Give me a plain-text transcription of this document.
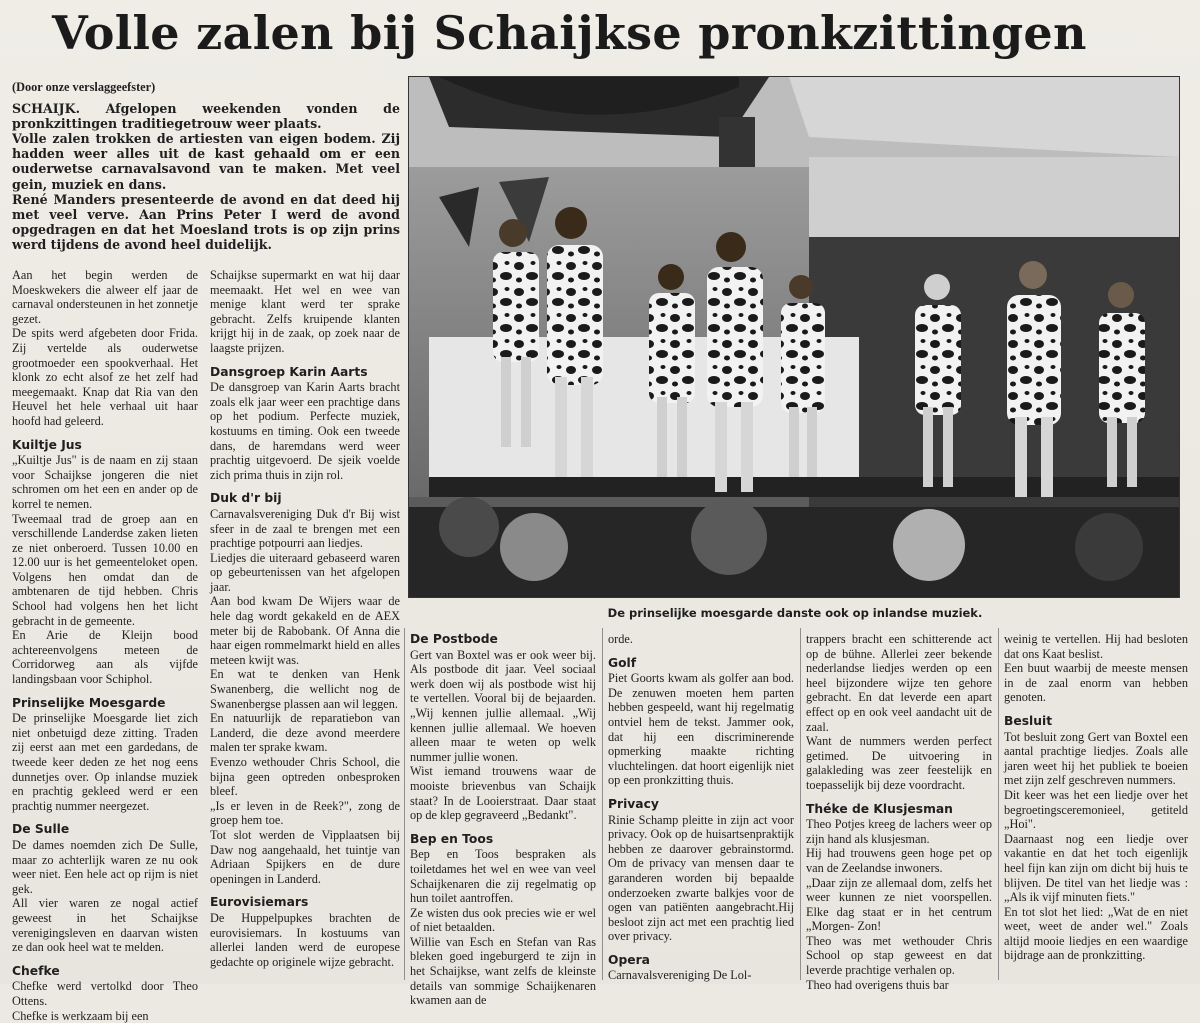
Volle zalen bij Schaijkse pronkzittingen
(Door onze verslaggeefster)

SCHAIJK. Afgelopen weekenden vonden de pronkzittingen traditiegetrouw weer plaats.

Volle zalen trokken de artiesten van eigen bodem. Zij hadden weer alles uit de kast gehaald om er een ouderwetse carnavalsavond van te maken. Met veel gein, muziek en dans.

René Manders presenteerde de avond en dat deed hij met veel verve. Aan Prins Peter I werd de avond opgedragen en dat het Moesland trots is op zijn prins werd tijdens de avond heel duidelijk.

Aan het begin werden de Moeskwekers die alweer elf jaar de carnaval ondersteunen in het zonnetje gezet.

De spits werd afgebeten door Frida. Zij vertelde als ouderwetse grootmoeder een spookverhaal. Het klonk zo echt alsof ze het zelf had meegemaakt. Knap dat Ria van den Heuvel het hele verhaal uit haar hoofd had geleerd.

Kuiltje Jus

„Kuiltje Jus" is de naam en zij staan voor Schaijkse jongeren die niet schromen om het een en ander op de korrel te nemen.

Tweemaal trad de groep aan en verschillende Landerdse zaken lieten ze niet onberoerd. Tussen 10.00 en 12.00 uur is het gemeenteloket open. Volgens hen omdat dan de ambtenaren de tijd hebben. Chris School had volgens hen het licht gebracht in de gemeente.

En Arie de Kleijn bood achtereenvolgens meteen de Corridorweg aan als vijfde landingsbaan voor Schiphol.

Prinselijke Moesgarde

De prinselijke Moesgarde liet zich niet onbetuigd deze zitting. Traden zij eerst aan met een gardedans, de tweede keer deden ze het nog eens dunnetjes over. Op inlandse muziek en prachtig gekleed werd er een prachtig nummer neergezet.

De Sulle

De dames noemden zich De Sulle, maar zo achterlijk waren ze nu ook weer niet. Een hele act op rijm is niet gek.

All vier waren ze nogal actief geweest in het Schaijkse verenigingsleven en daarvan wisten ze dan ook heel wat te melden.

Chefke

Chefke werd vertolkd door Theo Ottens.

Chefke is werkzaam bij een

Schaijkse supermarkt en wat hij daar meemaakt. Het wel en wee van menige klant werd ter sprake gebracht. Zelfs kruipende klanten krijgt hij in de zaak, op zoek naar de laagste prijzen.

Dansgroep Karin Aarts

De dansgroep van Karin Aarts bracht zoals elk jaar weer een prachtige dans op het podium. Perfecte muziek, kostuums en timing. Ook een tweede dans, de haremdans werd weer prachtig uitgevoerd. De sjeik voelde zich prima thuis in zijn rol.

Duk d'r bij

Carnavalsvereniging Duk d'r Bij wist sfeer in de zaal te brengen met een prachtige potpourri aan liedjes.

Liedjes die uiteraard gebaseerd waren op gebeurtenissen van het afgelopen jaar.

Aan bod kwam De Wijers waar de hele dag wordt gekakeld en de AEX meter bij de Rabobank. Of Anna die haar eigen rommelmarkt hield en alles meteen kwijt was.

En wat te denken van Henk Swanenberg, die wellicht nog de Swanenbergse plassen aan wil leggen.

En natuurlijk de reparatiebon van Landerd, die deze avond meerdere malen ter sprake kwam.

Evenzo wethouder Chris School, die bijna geen optreden onbesproken bleef.

„Is er leven in de Reek?", zong de groep hem toe.

Tot slot werden de Vipplaatsen bij Daw nog aangehaald, het tuintje van Adriaan Spijkers en de dure openingen in Landerd.

Eurovisiemars

De Huppelpupkes brachten de eurovisiemars. In kostuums van allerlei landen werd de europese gedachte op originele wijze gebracht.

De prinselijke moesgarde danste ook op inlandse muziek.
De Postbode

Gert van Boxtel was er ook weer bij. Als postbode dit jaar. Veel sociaal werk doen wij als postbode wist hij te vertellen. Vooral bij de bejaarden. „Wij kennen jullie allemaal. „Wij kennen jullie allemaal. We hoeven alleen maar te weten op welk nummer jullie wonen.

Wist iemand trouwens waar de mooiste brievenbus van Schaijk staat? In de Looierstraat. Daar staat op de klep gegraveerd „Bedankt".

Bep en Toos

Bep en Toos bespraken als toiletdames het wel en wee van veel Schaijkenaren die zij regelmatig op hun toilet aantroffen.

Ze wisten dus ook precies wie er wel of niet betaalden.

Willie van Esch en Stefan van Ras bleken goed ingeburgerd te zijn in het Schaijkse, want zelfs de kleinste details van sommige Schaijkenaren kwamen aan de

orde.

Golf

Piet Goorts kwam als golfer aan bod. De zenuwen moeten hem parten hebben gespeeld, want hij regelmatig ontviel hem de tekst. Jammer ook, dat hij een discriminerende opmerking maakte richting vluchtelingen. dat hoort eigenlijk niet op een pronkzitting thuis.

Privacy

Rinie Schamp pleitte in zijn act voor privacy. Ook op de huisartsenpraktijk hebben ze daarover gebrainstormd. Om de privacy van mensen daar te garanderen worden bij bepaalde onderzoeken zwarte balkjes voor de ogen van patiënten aangebracht.Hij besloot zijn act met een prachtig lied over privacy.

Opera

Carnavalsvereniging De Lol-

trappers bracht een schitterende act op de bühne. Allerlei zeer bekende nederlandse liedjes werden op een heel bijzondere wijze ten gehore gebracht. En dat leverde een apart effect op en ook veel aandacht uit de zaal.

Want de nummers werden perfect getimed. De uitvoering in galakleding was zeer feestelijk en toepasselijk bij deze voordracht.

Théke de Klusjesman

Theo Potjes kreeg de lachers weer op zijn hand als klusjesman.

Hij had trouwens geen hoge pet op van de Zeelandse inwoners.

„Daar zijn ze allemaal dom, zelfs het weer kunnen ze niet voorspellen. Elke dag staat er in het centrum „Morgen- Zon!

Theo was met wethouder Chris School op stap geweest en dat leverde prachtige verhalen op.

Theo had overigens thuis bar

weinig te vertellen. Hij had besloten dat ons Kaat beslist.

Een buut waarbij de meeste mensen in de zaal enorm van hebben genoten.

Besluit

Tot besluit zong Gert van Boxtel een aantal prachtige liedjes. Zoals alle jaren weet hij het publiek te boeien met zijn zelf geschreven nummers.

Dit keer was het een liedje over het begroetingsceremonieel, getiteld „Hoi".

Daarnaast nog een liedje over vakantie en dat het toch eigenlijk heel fijn kan zijn om dicht bij huis te blijven. De titel van het liedje was : „Als ik vijf minuten fiets."

En tot slot het lied: „Wat de en niet weet, weet de ander wel." Zoals altijd mooie liedjes en een waardige bijdrage aan de pronkzitting.
